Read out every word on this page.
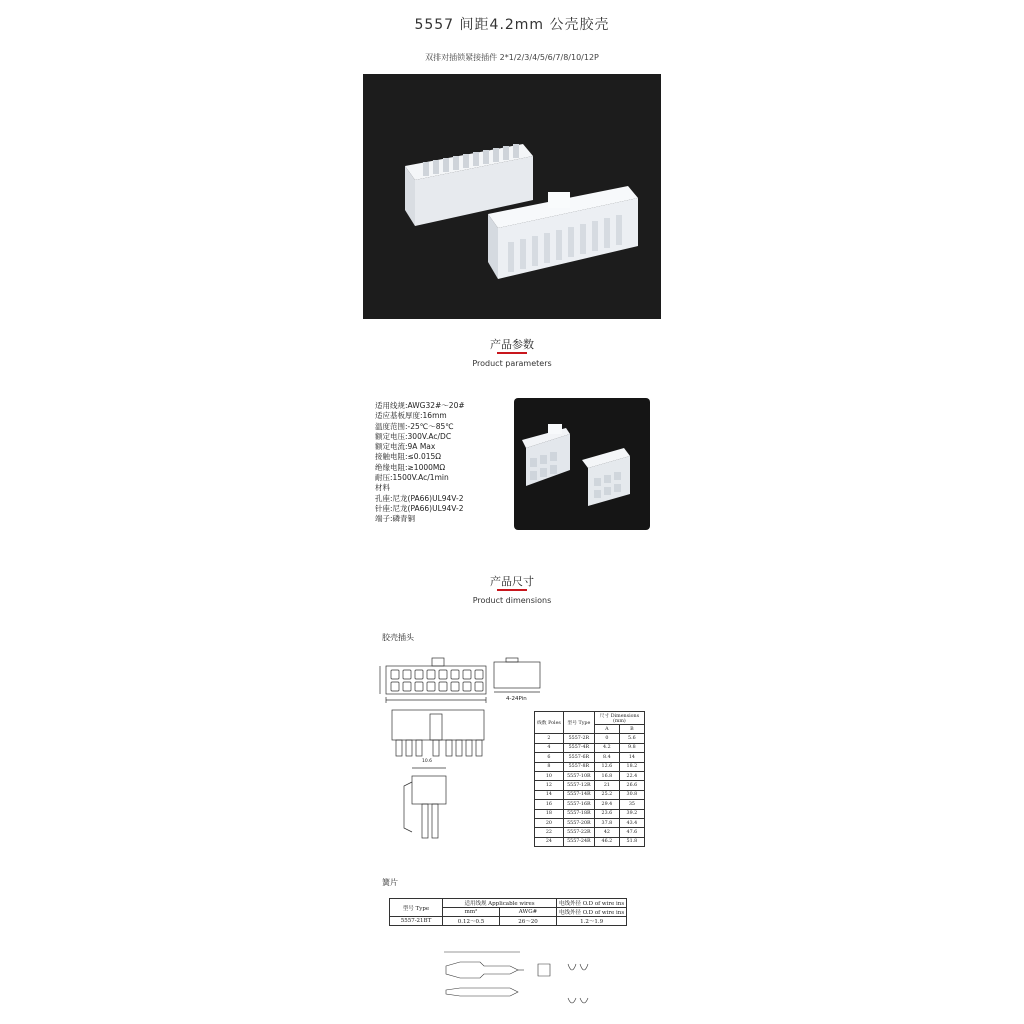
5557 间距4.2mm 公壳胶壳
双排对插锁紧接插件 2*1/2/3/4/5/6/7/8/10/12P
产品参数
Product parameters
适用线规:AWG32#～20#
适应基板厚度:16mm
温度范围:-25℃～85℃
额定电压:300V.Ac/DC
额定电流:9A Max
接触电阻:≤0.015Ω
绝缘电阻:≥1000MΩ
耐压:1500V.Ac/1min
材料
孔座:尼龙(PA66)UL94V-2
针座:尼龙(PA66)UL94V-2
端子:磷青铜
产品尺寸
Product dimensions
胶壳插头
4-24Pin
10.6
线数 Poles	型号 Type	尺寸 Dimensions (mm)	
		A	B
2	5557-2R	0	5.6
4	5557-4R	4.2	9.8
6	5557-6R	8.4	14
8	5557-8R	12.6	18.2
10	5557-10R	16.8	22.4
12	5557-12R	21	26.6
14	5557-14R	25.2	30.8
16	5557-16R	29.4	35
18	5557-18R	23.6	39.2
20	5557-20R	37.8	43.4
22	5557-22R	42	47.6
24	5557-24R	46.2	51.8
簧片
型号 Type	适用线规 Applicable wires		电线外径 O.D of wire ins
	mm²	AWG#	电线外径 O.D of wire ins
5557-21BT	0.12～0.5	26～20	1.2～1.9
